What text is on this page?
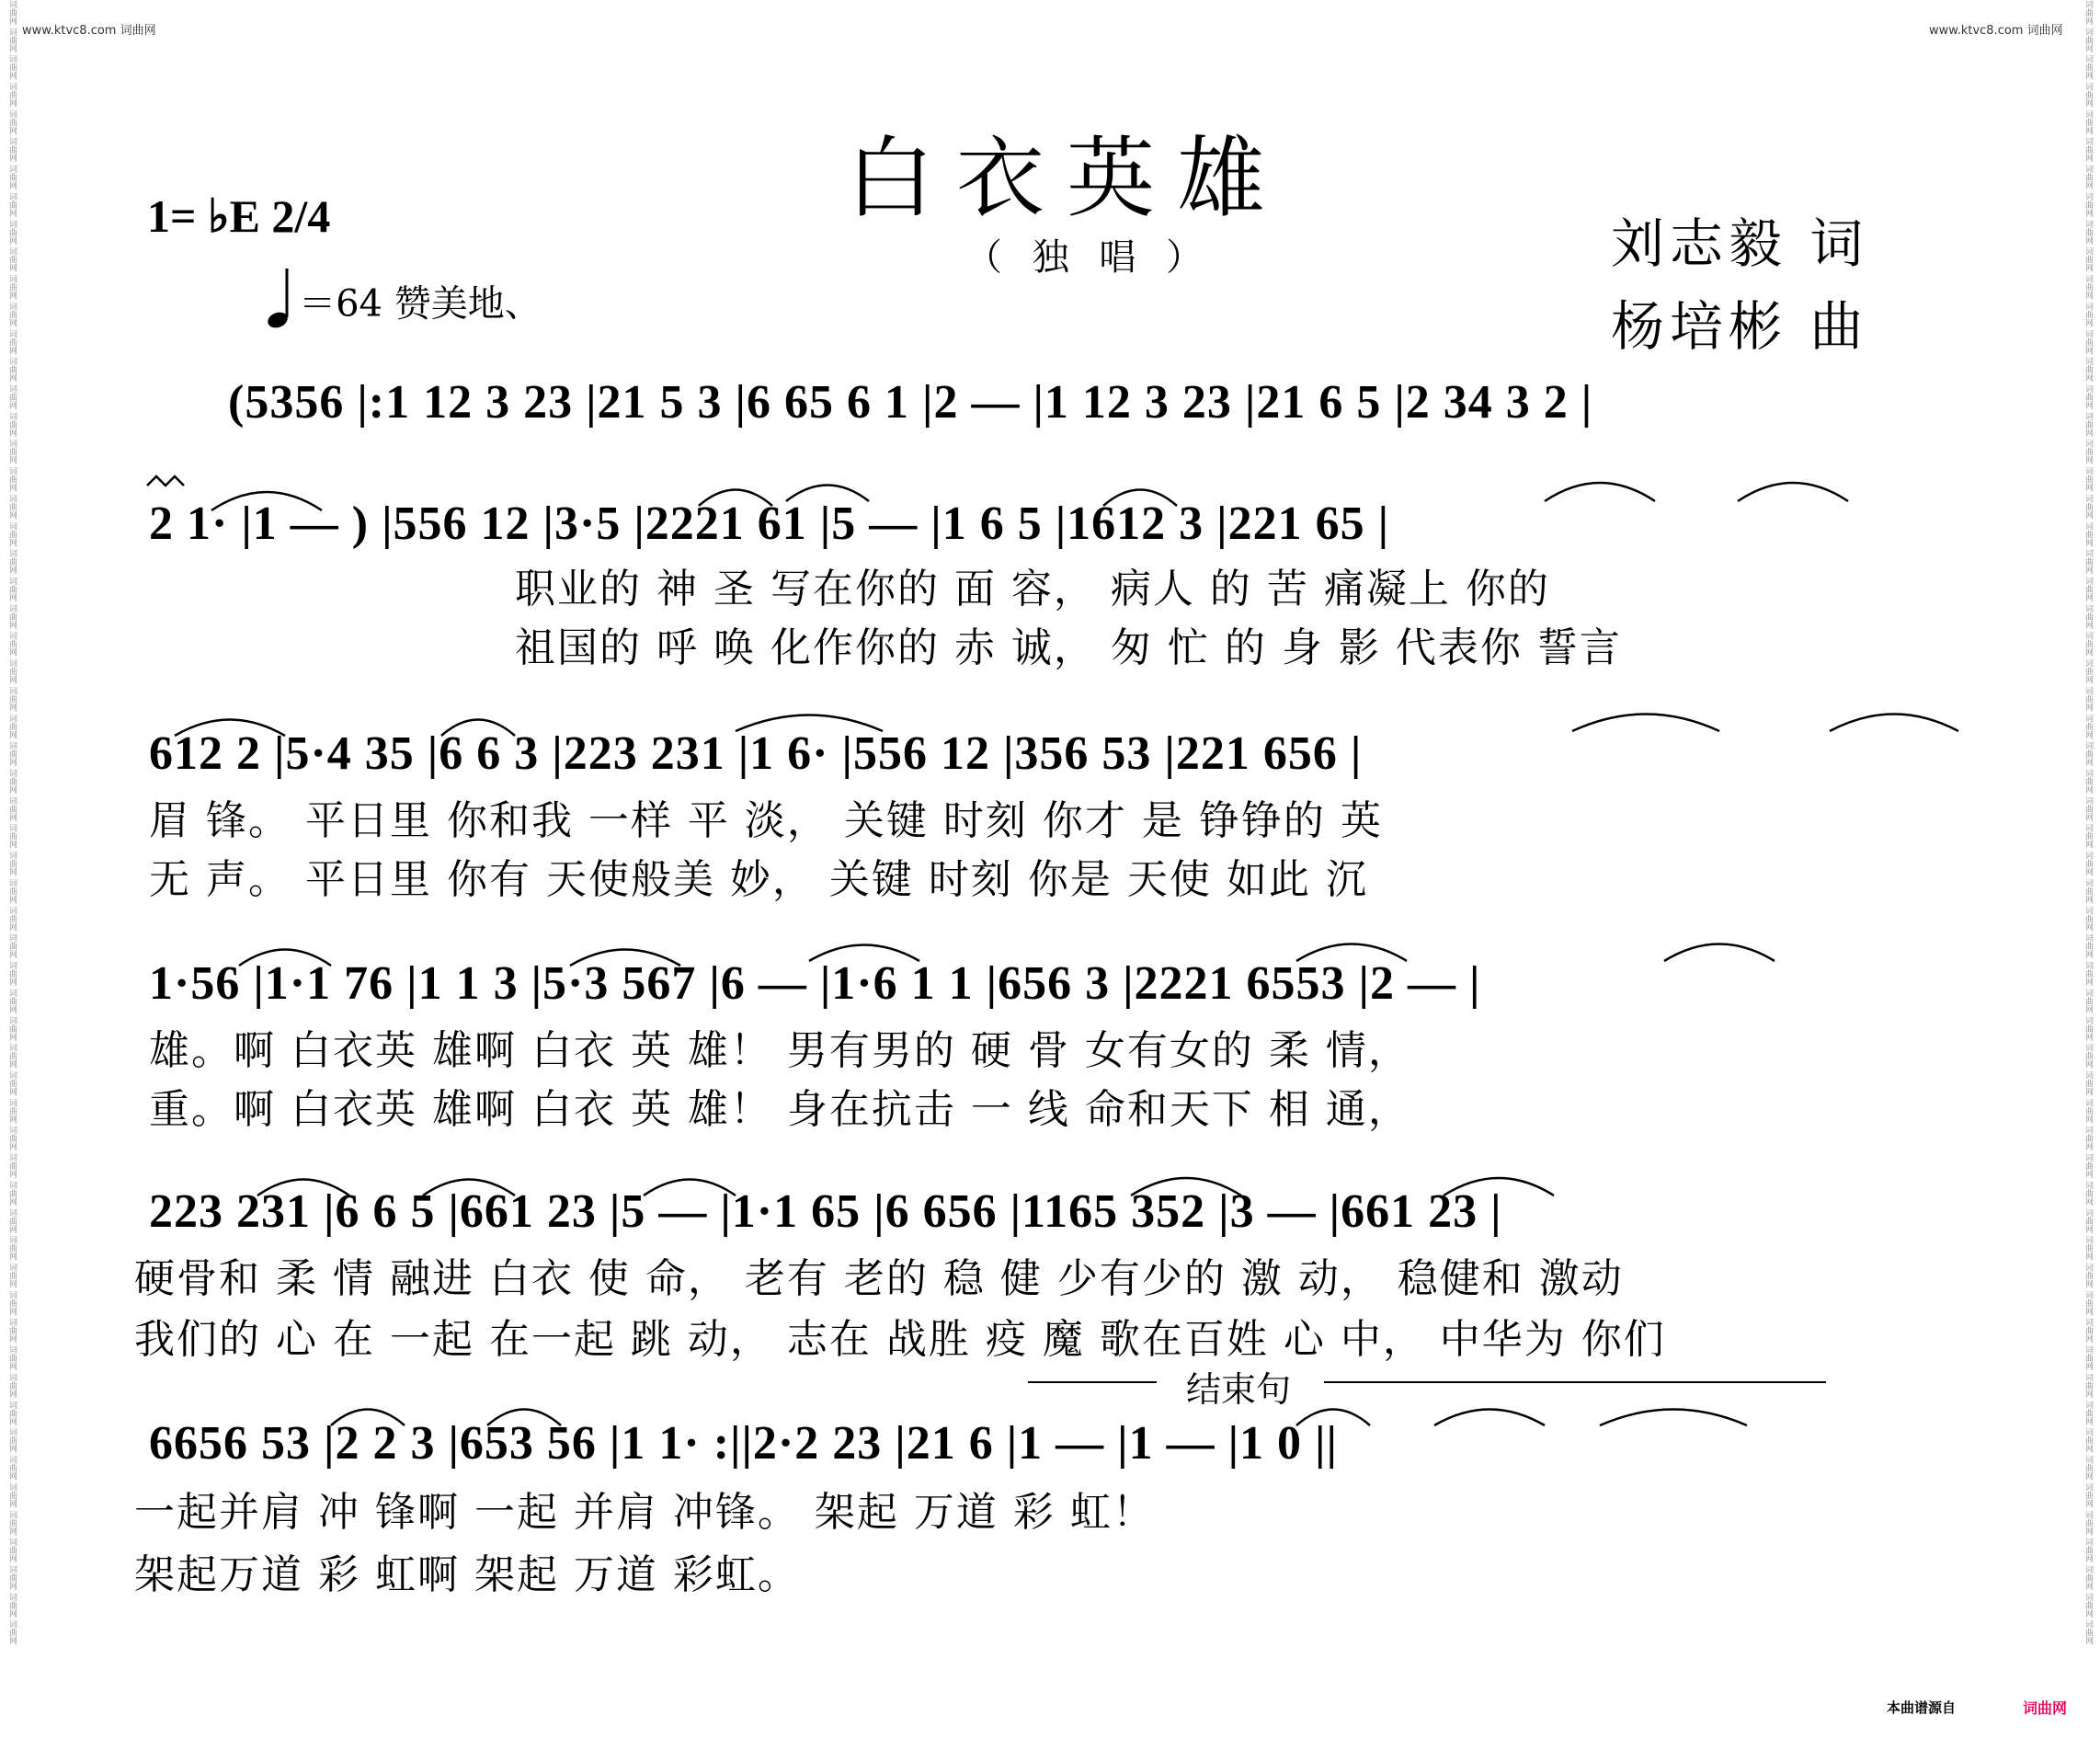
www.ktvc8.com 词曲网	www.ktvc8.com 词曲网
词曲网 词曲网 词曲网 词曲网 词曲网 词曲网 词曲网 词曲网 词曲网 词曲网 词曲网 词曲网 词曲网 词曲网 词曲网 词曲网 词曲网 词曲网 词曲网 词曲网 词曲网 词曲网 词曲网 词曲网 词曲网 词曲网 词曲网 词曲网 词曲网 词曲网 词曲网 词曲网 词曲网 词曲网 词曲网 词曲网 词曲网 词曲网 词曲网 词曲网 词曲网 词曲网 词曲网 词曲网 词曲网 词曲网 词曲网 词曲网 词曲网 词曲网 词曲网 词曲网 词曲网 词曲网 词曲网 词曲网 词曲网 词曲网 词曲网 词曲网	词曲网 词曲网 词曲网 词曲网 词曲网 词曲网 词曲网 词曲网 词曲网 词曲网 词曲网 词曲网 词曲网 词曲网 词曲网 词曲网 词曲网 词曲网 词曲网 词曲网 词曲网 词曲网 词曲网 词曲网 词曲网 词曲网 词曲网 词曲网 词曲网 词曲网 词曲网 词曲网 词曲网 词曲网 词曲网 词曲网 词曲网 词曲网 词曲网 词曲网 词曲网 词曲网 词曲网 词曲网 词曲网 词曲网 词曲网 词曲网 词曲网 词曲网 词曲网 词曲网 词曲网 词曲网 词曲网 词曲网 词曲网 词曲网 词曲网 词曲网
白衣英雄
（ 独 唱 ）
1= ♭E 2/4
＝64 赞美地、
刘志毅 词
杨培彬 曲
(5356 |:1 12 3 23 |21 5 3 |6 65 6 1 |2 — |1 12 3 23 |21 6 5 |2 34 3 2 |
2 1· |1 — ) |556 12 |3·5 |2221 61 |5 — |1 6 5 |1612 3 |221 65 |
职业的 神 圣 写在你的 面 容， 病人 的 苦 痛凝上 你的
祖国的 呼 唤 化作你的 赤 诚， 匆 忙 的 身 影 代表你 誓言
612 2 |5·4 35 |6 6 3 |223 231 |1 6· |556 12 |356 53 |221 656 |
眉 锋。 平日里 你和我 一样 平 淡， 关键 时刻 你才 是 铮铮的 英
无 声。 平日里 你有 天使般美 妙， 关键 时刻 你是 天使 如此 沉
1·56 |1·1 76 |1 1 3 |5·3 567 |6 — |1·6 1 1 |656 3 |2221 6553 |2 — |
雄。啊 白衣英 雄啊 白衣 英 雄！ 男有男的 硬 骨 女有女的 柔 情，
重。啊 白衣英 雄啊 白衣 英 雄！ 身在抗击 一 线 命和天下 相 通，
223 231 |6 6 5 |661 23 |5 — |1·1 65 |6 656 |1165 352 |3 — |661 23 |
硬骨和 柔 情 融进 白衣 使 命， 老有 老的 稳 健 少有少的 激 动， 稳健和 激动
我们的 心 在 一起 在一起 跳 动， 志在 战胜 疫 魔 歌在百姓 心 中， 中华为 你们
结束句
6656 53 |2 2 3 |653 56 |1 1· :||2·2 23 |21 6 |1 — |1 — |1 0 ||
一起并肩 冲 锋啊 一起 并肩 冲锋。 架起 万道 彩 虹！
架起万道 彩 虹啊 架起 万道 彩虹。
本曲谱源自	词曲网
